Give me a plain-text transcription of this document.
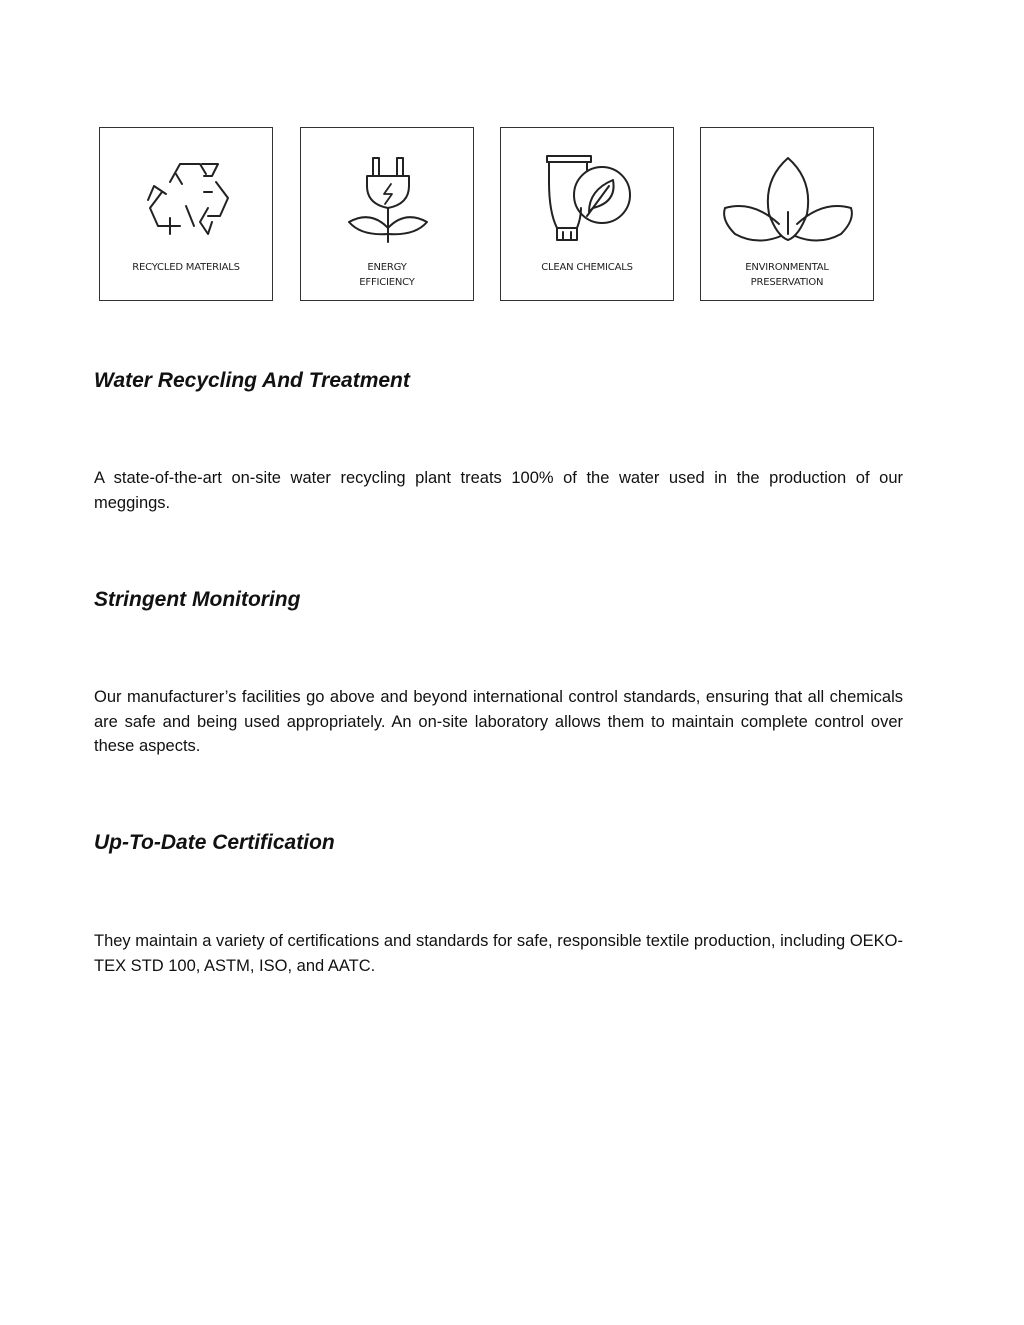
RECYCLED MATERIALS	ENERGY
EFFICIENCY
CLEAN CHEMICALS	ENVIRONMENTAL
PRESERVATION
Water Recycling And Treatment

A state-of-the-art on-site water recycling plant treats 100% of the water used in the production of our meggings.

Stringent Monitoring

Our manufacturer’s facilities go above and beyond international control standards, ensuring that all chemicals are safe and being used appropriately. An on-site laboratory allows them to maintain complete control over these aspects.

Up-To-Date Certification

They maintain a variety of certifications and standards for safe, responsible textile production, including OEKO-TEX STD 100, ASTM, ISO, and AATC.
